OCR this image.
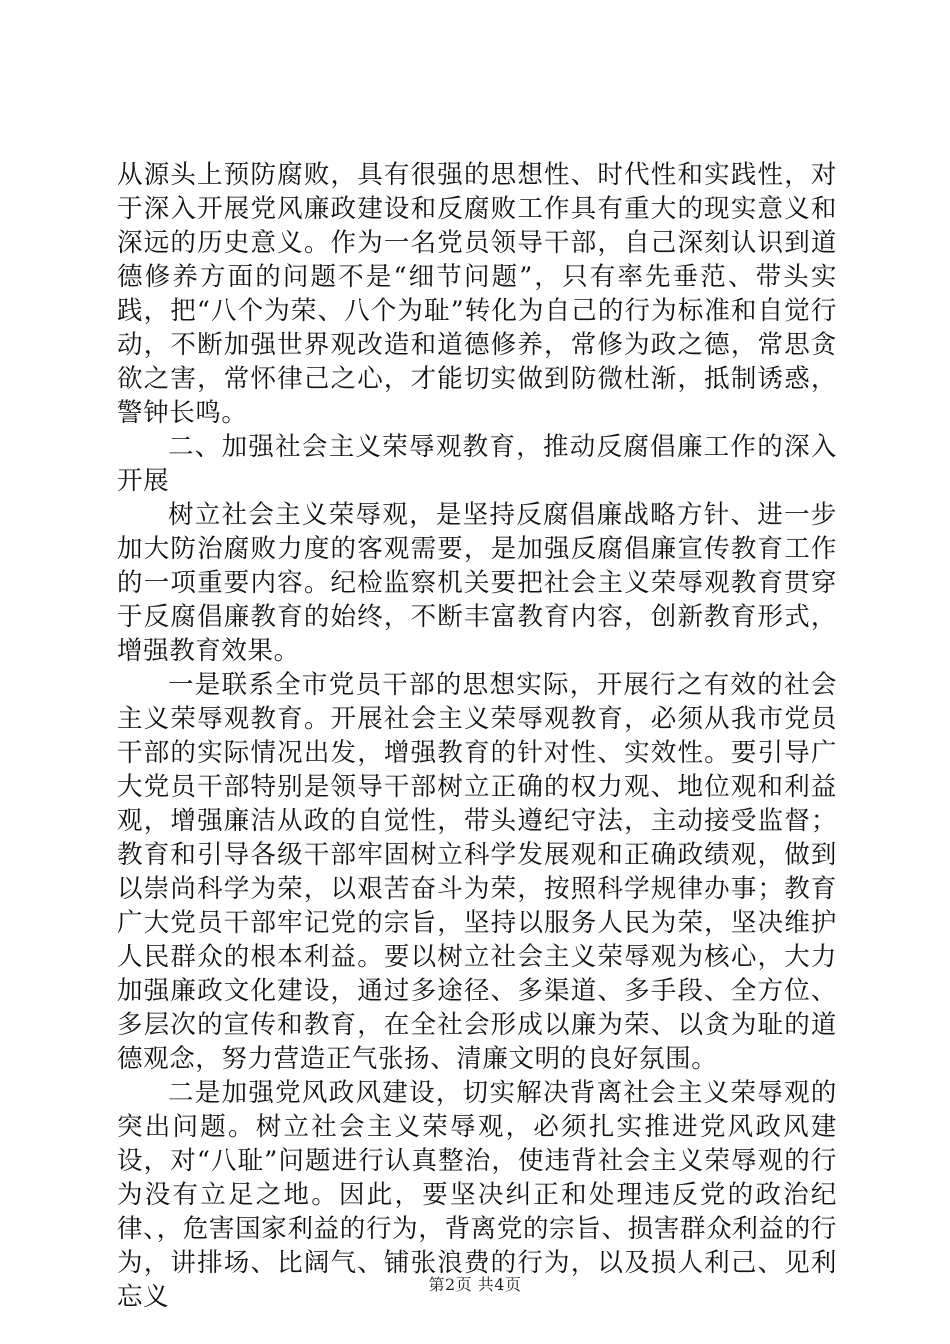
从源头上预防腐败，具有很强的思想性、时代性和实践性，对于深入开展党风廉政建设和反腐败工作具有重大的现实意义和深远的历史意义。作为一名党员领导干部，自己深刻认识到道德修养方面的问题不是“细节问题”，只有率先垂范、带头实践，把“八个为荣、八个为耻”转化为自己的行为标准和自觉行动，不断加强世界观改造和道德修养，常修为政之德，常思贪欲之害，常怀律己之心，才能切实做到防微杜渐，抵制诱惑，警钟长鸣。

二、加强社会主义荣辱观教育，推动反腐倡廉工作的深入开展

树立社会主义荣辱观，是坚持反腐倡廉战略方针、进一步加大防治腐败力度的客观需要，是加强反腐倡廉宣传教育工作的一项重要内容。纪检监察机关要把社会主义荣辱观教育贯穿于反腐倡廉教育的始终，不断丰富教育内容，创新教育形式，增强教育效果。

一是联系全市党员干部的思想实际，开展行之有效的社会主义荣辱观教育。开展社会主义荣辱观教育，必须从我市党员干部的实际情况出发，增强教育的针对性、实效性。要引导广大党员干部特别是领导干部树立正确的权力观、地位观和利益观，增强廉洁从政的自觉性，带头遵纪守法，主动接受监督；教育和引导各级干部牢固树立科学发展观和正确政绩观，做到以崇尚科学为荣，以艰苦奋斗为荣，按照科学规律办事；教育广大党员干部牢记党的宗旨，坚持以服务人民为荣，坚决维护人民群众的根本利益。要以树立社会主义荣辱观为核心，大力加强廉政文化建设，通过多途径、多渠道、多手段、全方位、多层次的宣传和教育，在全社会形成以廉为荣、以贪为耻的道德观念，努力营造正气张扬、清廉文明的良好氛围。

二是加强党风政风建设，切实解决背离社会主义荣辱观的突出问题。树立社会主义荣辱观，必须扎实推进党风政风建设，对“八耻”问题进行认真整治，使违背社会主义荣辱观的行为没有立足之地。因此，要坚决纠正和处理违反党的政治纪律、，危害国家利益的行为，背离党的宗旨、损害群众利益的行为，讲排场、比阔气、铺张浪费的行为，以及损人利己、见利忘义	第2页 共4页
